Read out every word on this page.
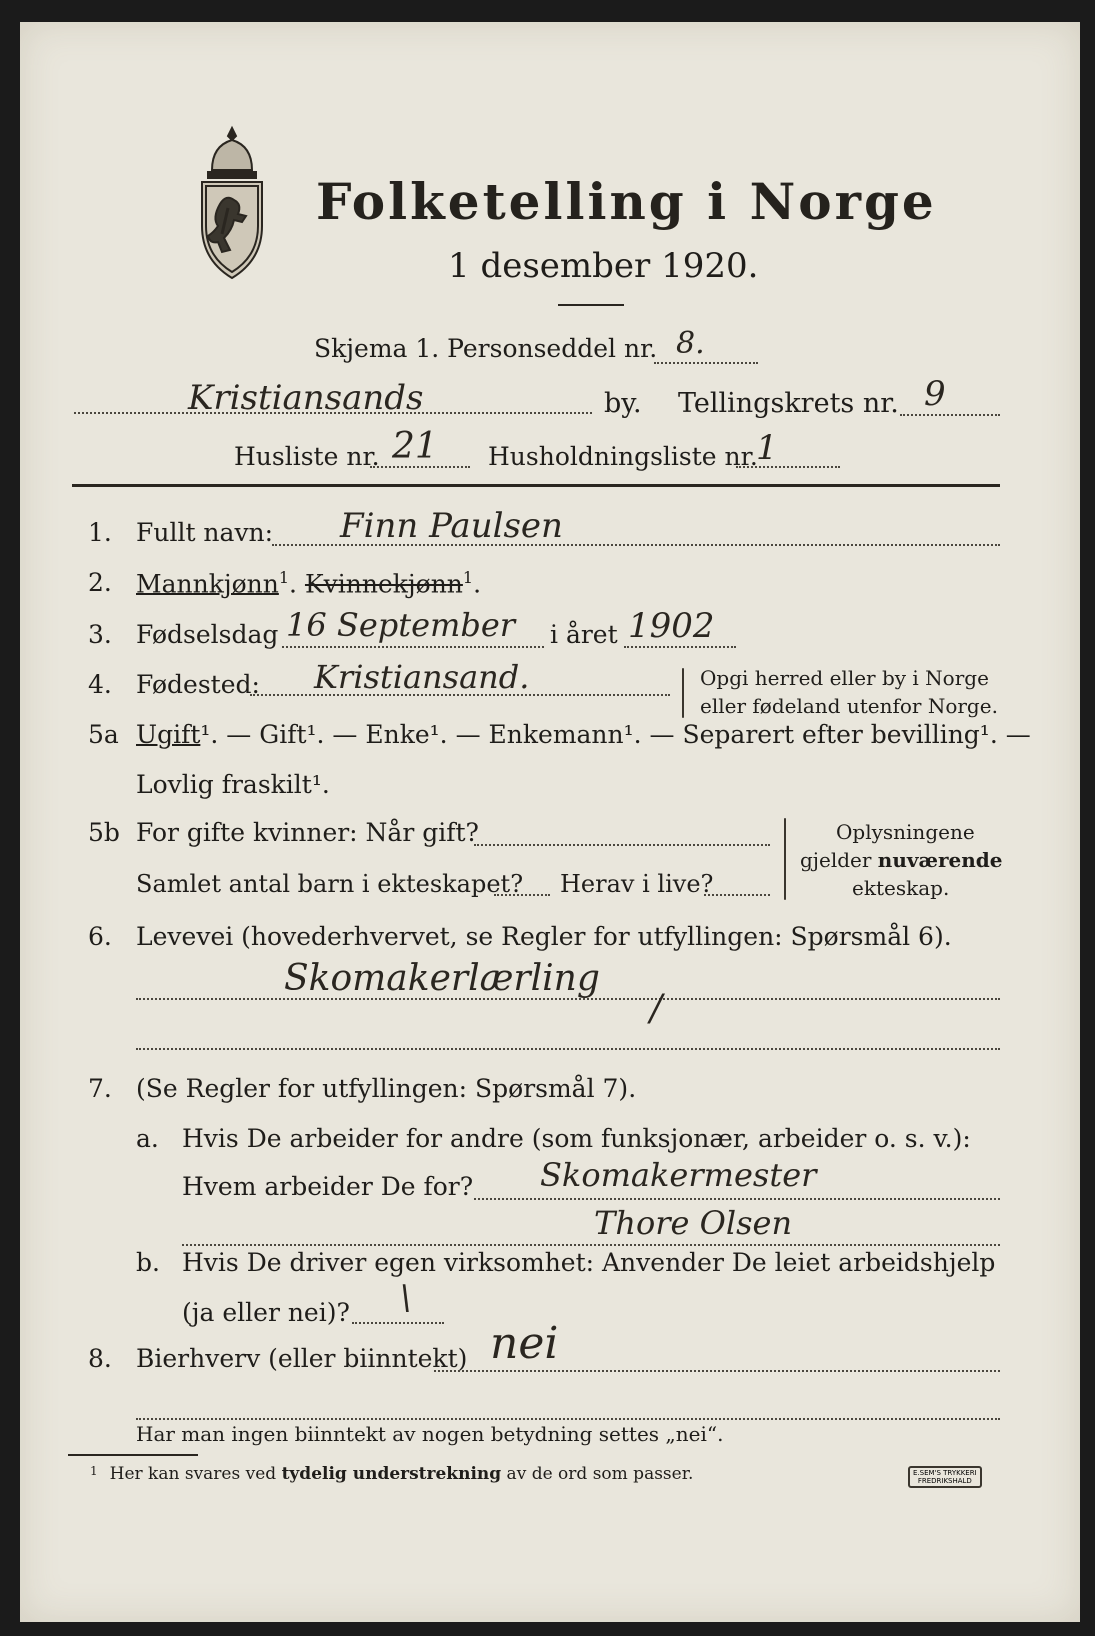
Folketelling i Norge
1 desember 1920.
Skjema 1. Personseddel nr. 8.
Kristiansands	by. Tellingskrets nr. 9
Husliste nr. 21 Husholdningsliste nr.
1
1. Fullt navn: Finn Paulsen
2. Mannkjønn$^1$. Kvinnekjønn$^1$.
3. Fødselsdag 16 September i året 1902
4. Fødested: Kristiansand.	Opgi herred eller by i Norge
eller fødeland utenfor Norge.
5a Ugift¹. — Gift¹. — Enke¹. — Enkemann¹. — Separert efter bevilling¹. —
Lovlig fraskilt¹.
5b For gifte kvinner: Når gift?
Samlet antal barn i ekteskapet? Herav i live?
Oplysningene
gjelder nuværende
ekteskap.
6. Levevei (hovederhvervet, se Regler for utfyllingen: Spørsmål 6).
Skomakerlærling
/
7. (Se Regler for utfyllingen: Spørsmål 7).
a. Hvis De arbeider for andre (som funksjonær, arbeider o. s. v.):
Hvem arbeider De for? Skomakermester
Thore Olsen
b. Hvis De driver egen virksomhet: Anvender De leiet arbeidshjelp
(ja eller nei)? \
8. Bierhverv (eller biinntekt) nei
Har man ingen biinntekt av nogen betydning settes „nei“.
$^1$ Her kan svares ved tydelig understrekning av de ord som passer.	E.SEM'S TRYKKERI
FREDRIKSHALD
